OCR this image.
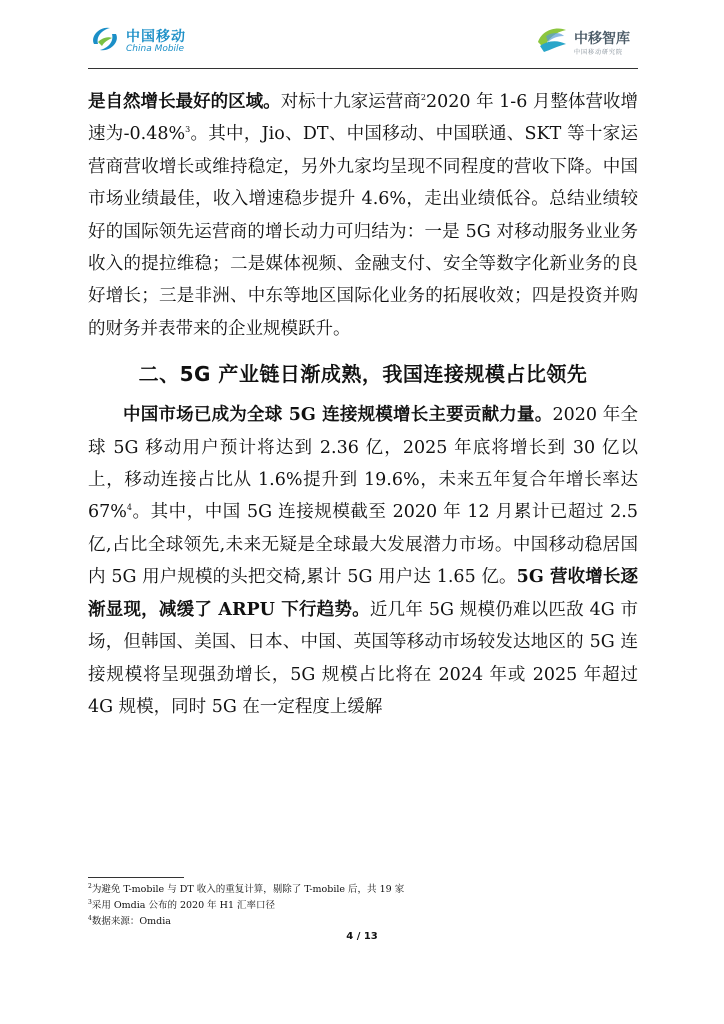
中国移动
China Mobile
中移智库
中国移动研究院

是自然增长最好的区域。对标十九家运营商$^2$2020 年 1-6 月整体营收增速为-0.48%$^3$。其中，Jio、DT、中国移动、中国联通、SKT 等十家运营商营收增长或维持稳定，另外九家均呈现不同程度的营收下降。中国市场业绩最佳，收入增速稳步提升 4.6%，走出业绩低谷。总结业绩较好的国际领先运营商的增长动力可归结为：一是 5G 对移动服务业业务收入的提拉维稳；二是媒体视频、金融支付、安全等数字化新业务的良好增长；三是非洲、中东等地区国际化业务的拓展收效；四是投资并购的财务并表带来的企业规模跃升。

二、5G 产业链日渐成熟，我国连接规模占比领先

中国市场已成为全球 5G 连接规模增长主要贡献力量。2020 年全球 5G 移动用户预计将达到 2.36 亿，2025 年底将增长到 30 亿以上，移动连接占比从 1.6%提升到 19.6%，未来五年复合年增长率达 67%$^4$。其中，中国 5G 连接规模截至 2020 年 12 月累计已超过 2.5 亿,占比全球领先,未来无疑是全球最大发展潜力市场。中国移动稳居国内 5G 用户规模的头把交椅,累计 5G 用户达 1.65 亿。5G 营收增长逐渐显现，减缓了 ARPU 下行趋势。近几年 5G 规模仍难以匹敌 4G 市场，但韩国、美国、日本、中国、英国等移动市场较发达地区的 5G 连接规模将呈现强劲增长，5G 规模占比将在 2024 年或 2025 年超过 4G 规模，同时 5G 在一定程度上缓解

$^2$为避免 T-mobile 与 DT 收入的重复计算，剔除了 T-mobile 后，共 19 家
$^3$采用 Omdia 公布的 2020 年 H1 汇率口径
$^4$数据来源：Omdia
4 / 13
